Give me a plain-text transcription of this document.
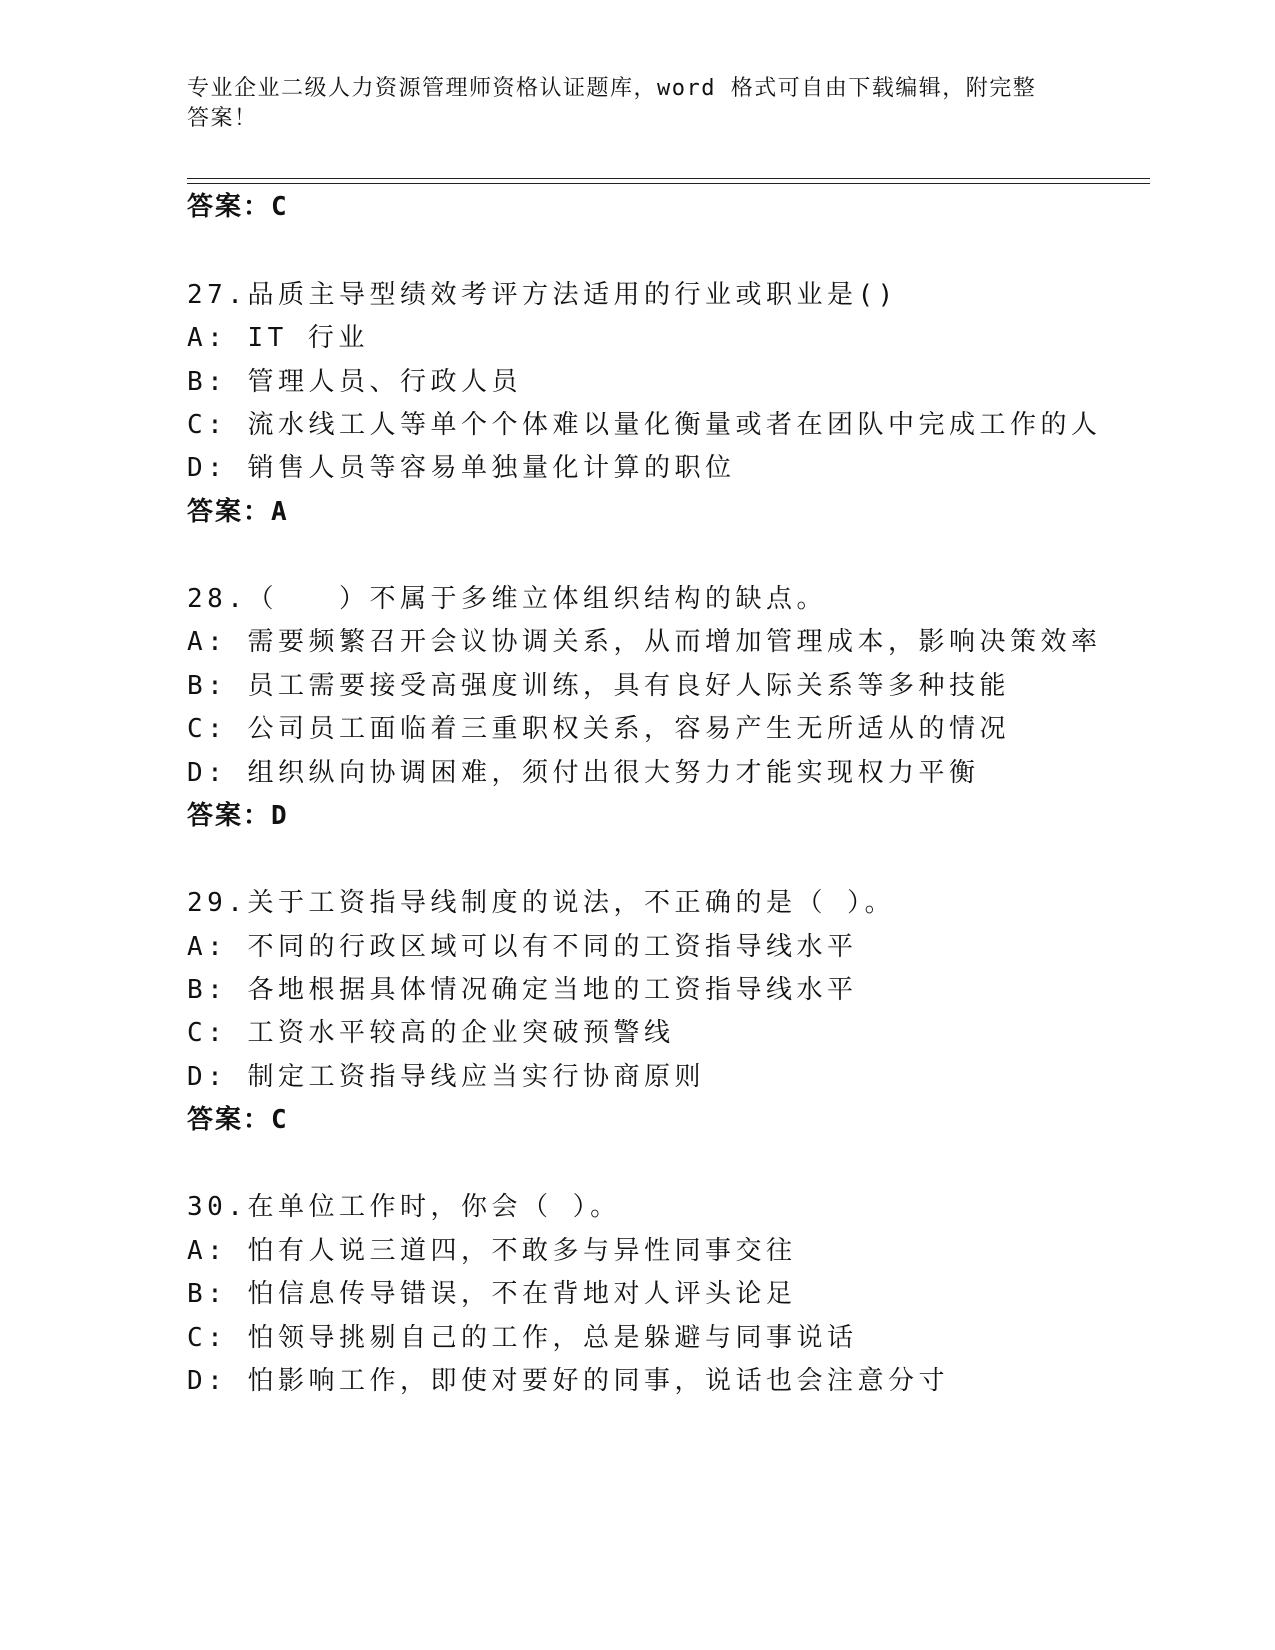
专业企业二级人力资源管理师资格认证题库，word 格式可自由下载编辑，附完整
答案！
答案：C
27.品质主导型绩效考评方法适用的行业或职业是()
A: IT 行业
B: 管理人员、行政人员
C: 流水线工人等单个个体难以量化衡量或者在团队中完成工作的人
D: 销售人员等容易单独量化计算的职位
答案：A
28.（　　）不属于多维立体组织结构的缺点。
A: 需要频繁召开会议协调关系，从而增加管理成本，影响决策效率
B: 员工需要接受高强度训练，具有良好人际关系等多种技能
C: 公司员工面临着三重职权关系，容易产生无所适从的情况
D: 组织纵向协调困难，须付出很大努力才能实现权力平衡
答案：D
29.关于工资指导线制度的说法，不正确的是（ ）。
A: 不同的行政区域可以有不同的工资指导线水平
B: 各地根据具体情况确定当地的工资指导线水平
C: 工资水平较高的企业突破预警线
D: 制定工资指导线应当实行协商原则
答案：C
30.在单位工作时，你会（ ）。
A: 怕有人说三道四，不敢多与异性同事交往
B: 怕信息传导错误，不在背地对人评头论足
C: 怕领导挑剔自己的工作，总是躲避与同事说话
D: 怕影响工作，即使对要好的同事，说话也会注意分寸
